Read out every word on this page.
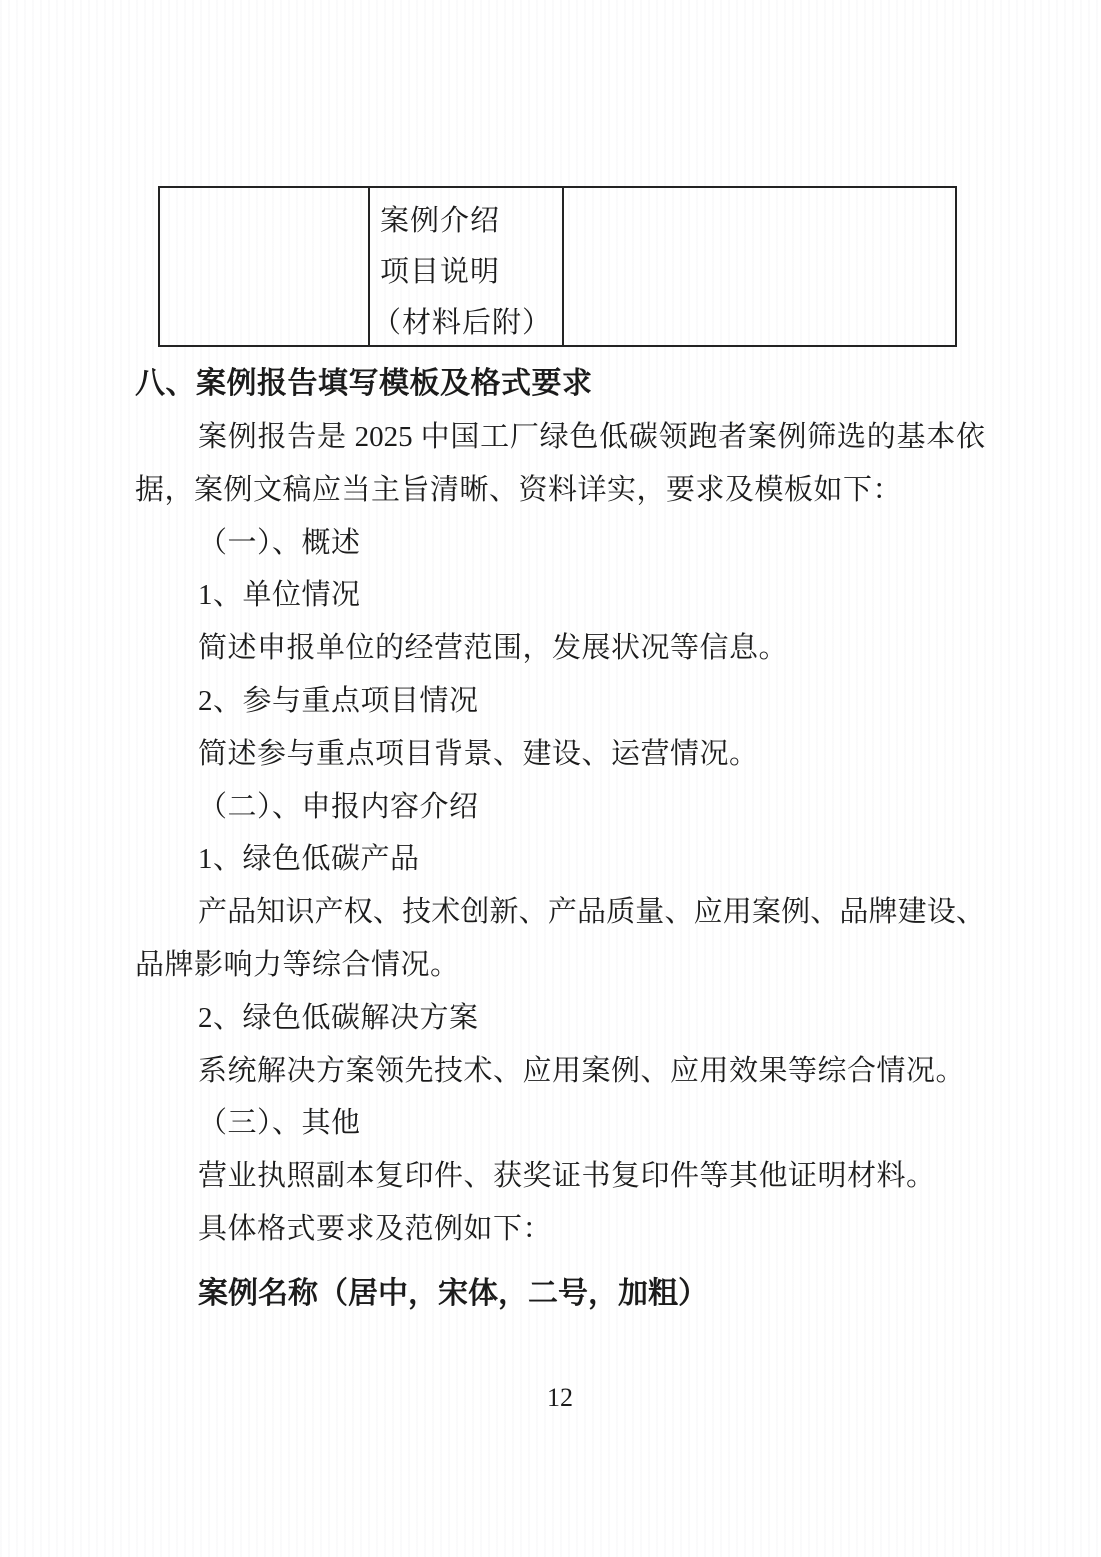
案例介绍
项目说明
（材料后附）
八、案例报告填写模板及格式要求
案例报告是 2025 中国工厂绿色低碳领跑者案例筛选的基本依
据，案例文稿应当主旨清晰、资料详实，要求及模板如下：
（一）、概述
1、单位情况
简述申报单位的经营范围，发展状况等信息。
2、参与重点项目情况
简述参与重点项目背景、建设、运营情况。
（二）、申报内容介绍
1、绿色低碳产品
产品知识产权、技术创新、产品质量、应用案例、品牌建设、
品牌影响力等综合情况。
2、绿色低碳解决方案
系统解决方案领先技术、应用案例、应用效果等综合情况。
（三）、其他
营业执照副本复印件、获奖证书复印件等其他证明材料。
具体格式要求及范例如下：
案例名称（居中，宋体，二号，加粗）
12
